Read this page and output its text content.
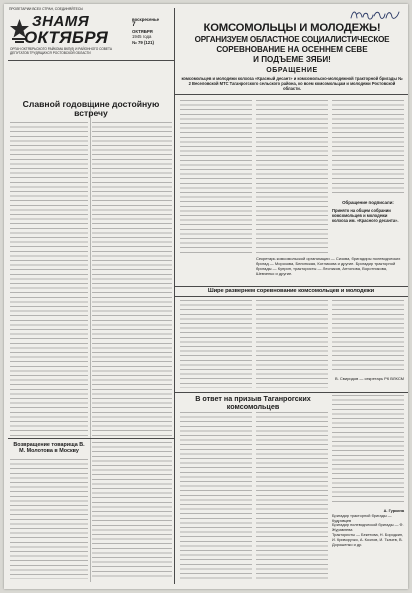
ПРОЛЕТАРИИ ВСЕХ СТРАН, СОЕДИНЯЙТЕСЬ!
ЗНАМЯ
ОКТЯБРЯ
ОРГАН ОКТЯБРЬСКОГО РАЙКОМА ВКП(б) И РАЙОННОГО СОВЕТА ДЕПУТАТОВ ТРУДЯЩИХСЯ РОСТОВСКОЙ ОБЛАСТИ
воскресенье
7
ОКТЯБРЯ
1945 года
№ 79 (121)
КОМСОМОЛЬЦЫ И МОЛОДЕЖЬ!
ОРГАНИЗУЕМ ОБЛАСТНОЕ СОЦИАЛИСТИЧЕСКОЕ
СОРЕВНОВАНИЕ НА ОСЕННЕМ СЕВЕ
И ПОДЪЕМЕ ЗЯБИ!
ОБРАЩЕНИЕ
комсомольцев и молодежи колхоза «Красный десант» и комсомольско-молодежной тракторной бригады № 2 Веселовской МТС Таганрогского сельского района, ко всем комсомольцам и молодежи Ростовской области.
Славной годовщине достойную встречу
Возвращение товарища В. М. Молотова в Москву
Обращение подписали:
Принято на общем собрании комсомольцев и молодежи колхоза им. «Красного десанта».
Секретарь комсомольской организации — Сизова, бригадиры полеводческих бригад — Морозова, Белинская, Котликова и другие. Бригадир тракторной бригады — Куприн, трактористы — Лесников, Антонова, Воротникова, Шевченко и другие.
Шире развернем соревнование комсомольцев и молодежи
В. Свиридов — секретарь РК ВЛКСМ
В ответ на призыв Таганрогских комсомольцев
А. Гуркина
Бригадир тракторной бригады — Кудрявцев
Бригадир полеводческой бригады — Ф. Журавлева
Трактористы — Бекетова, Н. Бородкин, И. Криворучко, А. Козлов, И. Ткачев, В. Дорошенко и др.
